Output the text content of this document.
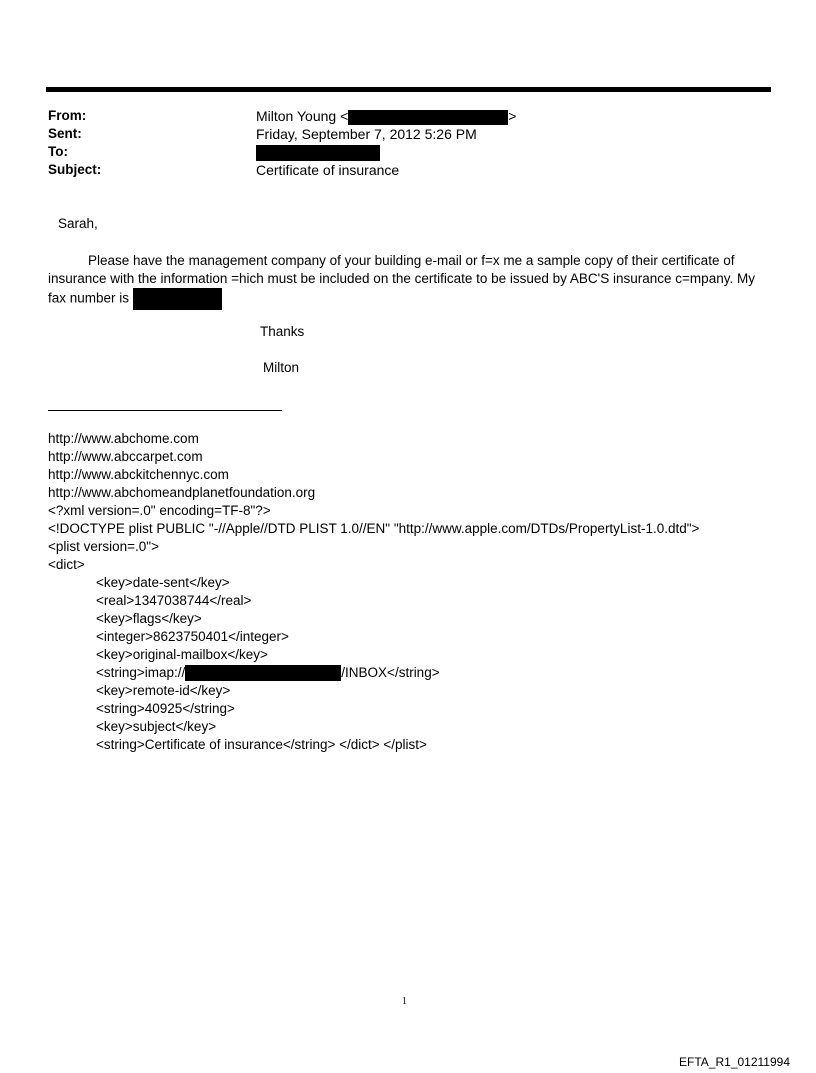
From:	Milton Young <	>
Sent:	Friday, September 7, 2012 5:26 PM
To:
Subject:	Certificate of insurance
Sarah,
Please have the management company of your building e-mail or f=x me a sample copy of their certificate of
insurance with the information =hich must be included on the certificate to be issued by ABC'S insurance c=mpany. My
fax number is
Thanks
Milton
http://www.abchome.com
http://www.abccarpet.com
http://www.abckitchennyc.com
http://www.abchomeandplanetfoundation.org
<?xml version=.0" encoding=TF-8"?>
<!DOCTYPE plist PUBLIC "-//Apple//DTD PLIST 1.0//EN" "http://www.apple.com/DTDs/PropertyList-1.0.dtd">
<plist version=.0">
<dict>
<key>date-sent</key>
<real>1347038744</real>
<key>flags</key>
<integer>8623750401</integer>
<key>original-mailbox</key>
<string>imap://	/INBOX</string>
<key>remote-id</key>
<string>40925</string>
<key>subject</key>
<string>Certificate of insurance</string> </dict> </plist>
1
EFTA_R1_01211994
